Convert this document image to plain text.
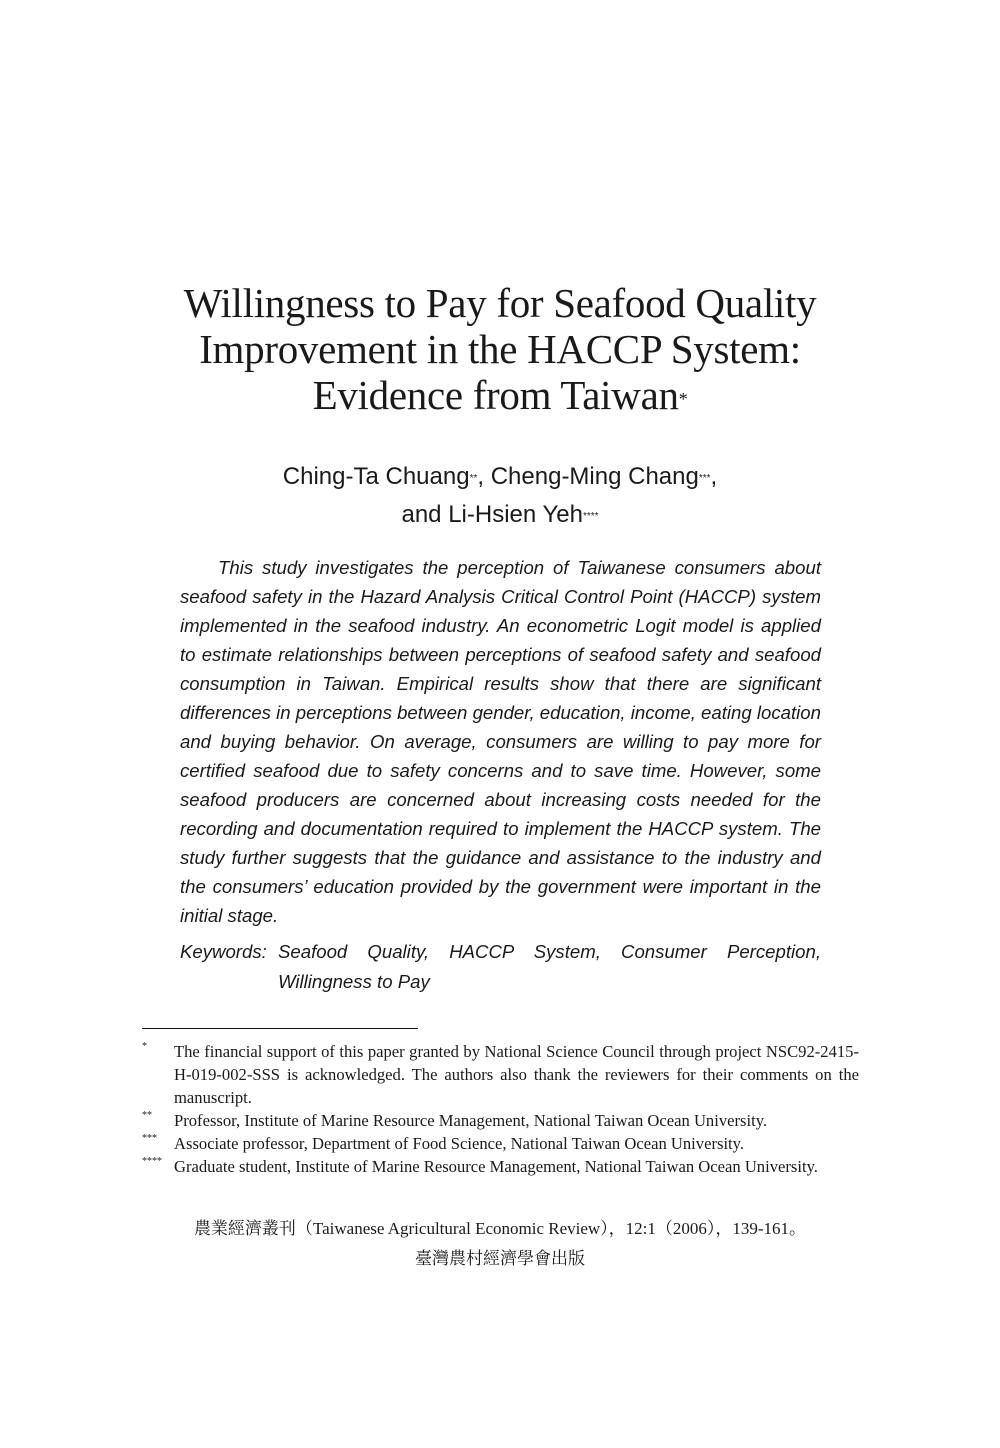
Willingness to Pay for Seafood Quality
Improvement in the HACCP System:
Evidence from Taiwan*
Ching-Ta Chuang**, Cheng-Ming Chang***,
and Li-Hsien Yeh****

This study investigates the perception of Taiwanese consumers about seafood safety in the Hazard Analysis Critical Control Point (HACCP) system implemented in the seafood industry. An econometric Logit model is applied to estimate relationships between perceptions of seafood safety and seafood consumption in Taiwan. Empirical results show that there are significant differences in perceptions between gender, education, income, eating location and buying behavior. On average, consumers are willing to pay more for certified seafood due to safety concerns and to save time. However, some seafood producers are concerned about increasing costs needed for the recording and documentation required to implement the HACCP system. The study further suggests that the guidance and assistance to the industry and the consumers’ education provided by the government were important in the initial stage.

Keywords: Seafood Quality, HACCP System, Consumer Perception, Willingness to Pay
*	The financial support of this paper granted by National Science Council through project NSC92-2415-H-019-002-SSS is acknowledged. The authors also thank the reviewers for their comments on the manuscript.
**	Professor, Institute of Marine Resource Management, National Taiwan Ocean University.
***	Associate professor, Department of Food Science, National Taiwan Ocean University.
**** Graduate student, Institute of Marine Resource Management, National Taiwan Ocean University.
農業經濟叢刊（Taiwanese Agricultural Economic Review），12:1（2006），139-161。
臺灣農村經濟學會出版
